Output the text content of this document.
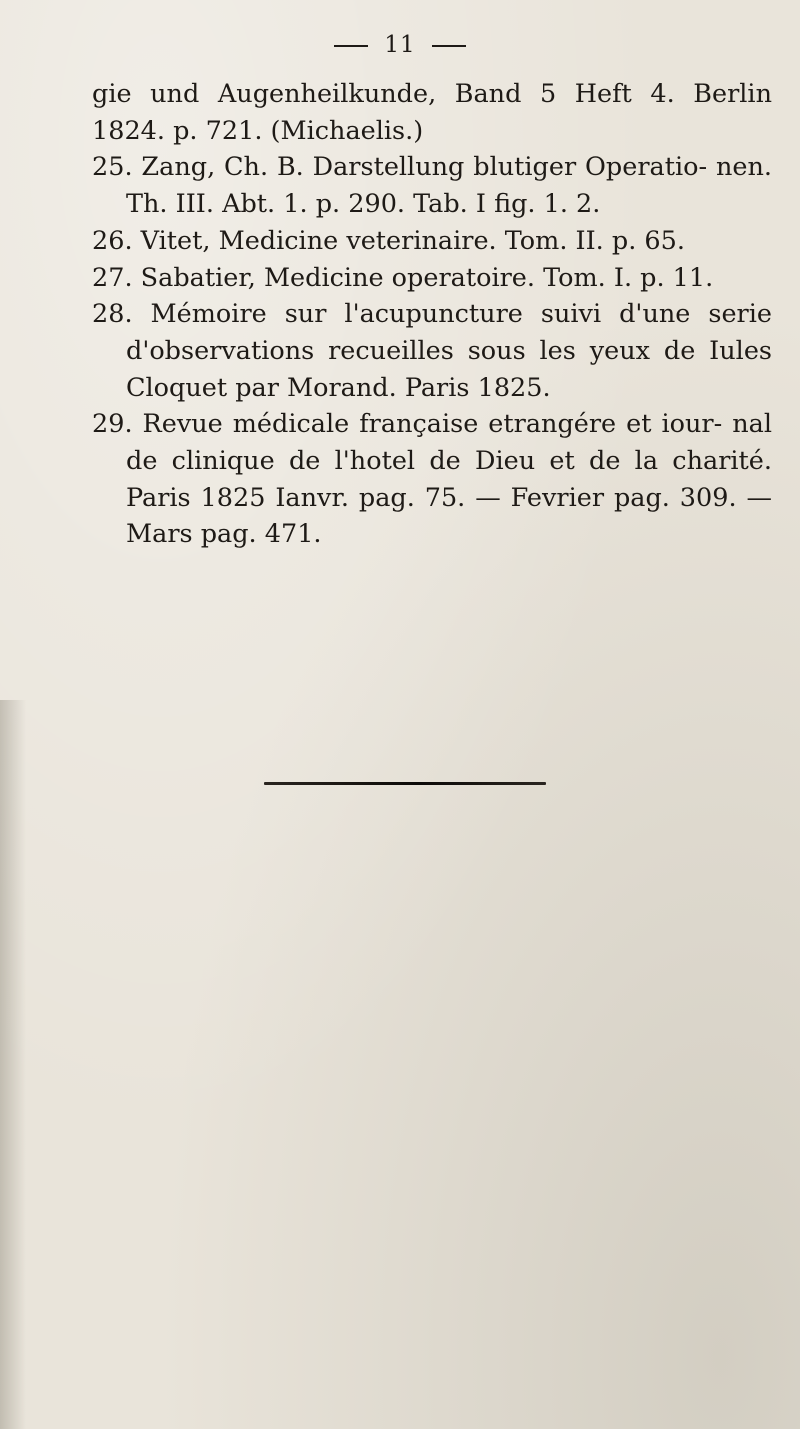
11

gie und Augenheilkunde, Band 5 Heft 4. Berlin 1824. p. 721. (Michaelis.)

25. Zang, Ch. B. Darstellung blutiger Operatio- nen. Th. III. Abt. 1. p. 290. Tab. I fig. 1. 2.

26. Vitet, Medicine veterinaire. Tom. II. p. 65.

27. Sabatier, Medicine operatoire. Tom. I. p. 11.

28. Mémoire sur l'acupuncture suivi d'une serie d'observations recueilles sous les yeux de Iules Cloquet par Morand. Paris 1825.

29. Revue médicale française etrangére et iour- nal de clinique de l'hotel de Dieu et de la charité. Paris 1825 Ianvr. pag. 75. — Fevrier pag. 309. — Mars pag. 471.
